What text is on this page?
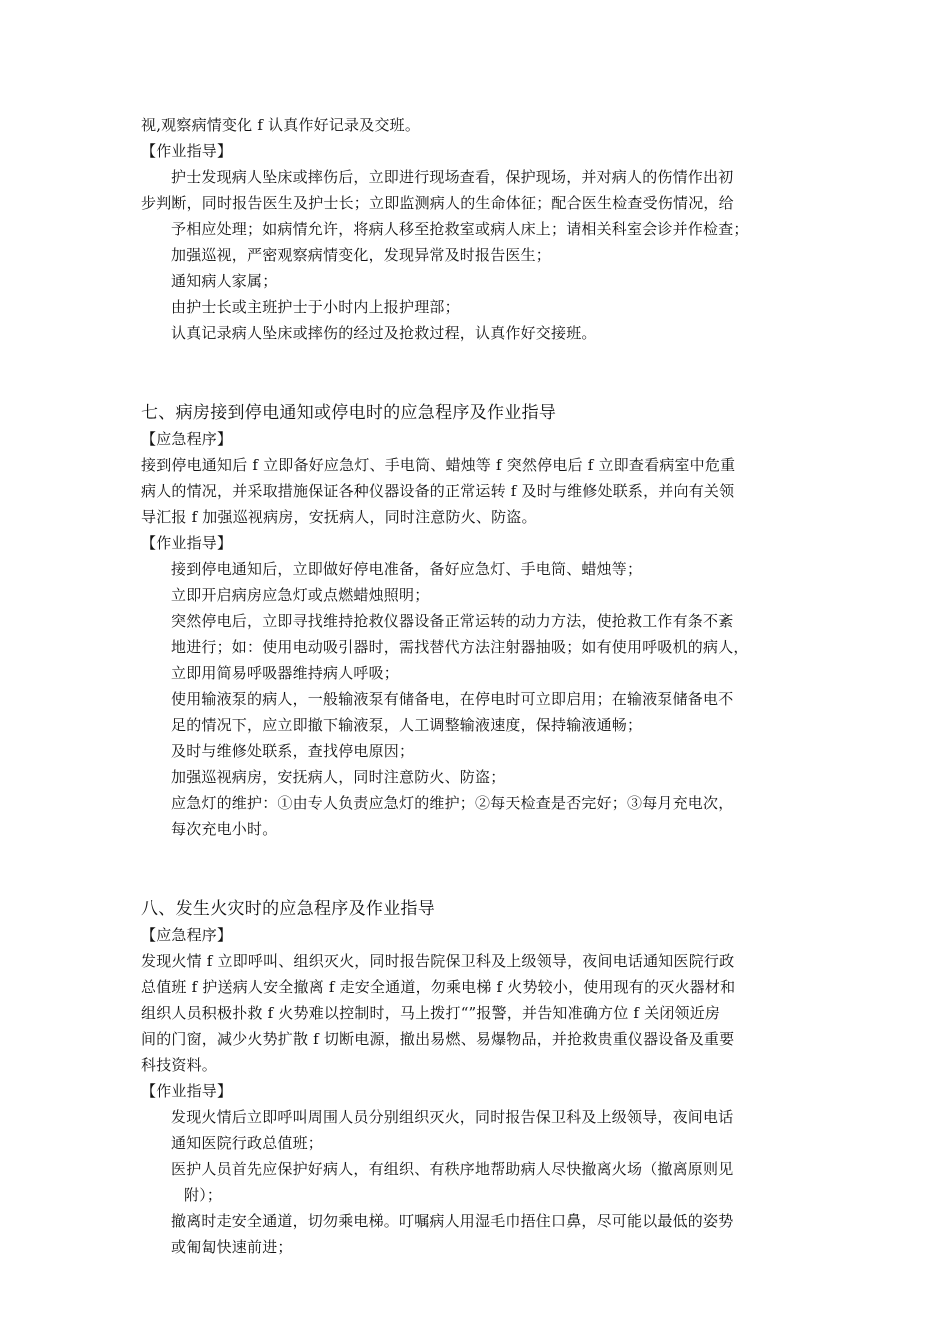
视,观察病情变化 f 认真作好记录及交班。
【作业指导】
护士发现病人坠床或摔伤后，立即进行现场查看，保护现场，并对病人的伤情作出初
步判断，同时报告医生及护士长；立即监测病人的生命体征；配合医生检查受伤情况，给
予相应处理；如病情允许，将病人移至抢救室或病人床上；请相关科室会诊并作检查；
加强巡视，严密观察病情变化，发现异常及时报告医生；
通知病人家属；
由护士长或主班护士于小时内上报护理部；
认真记录病人坠床或摔伤的经过及抢救过程，认真作好交接班。
七、病房接到停电通知或停电时的应急程序及作业指导
【应急程序】
接到停电通知后 f 立即备好应急灯、手电筒、蜡烛等 f 突然停电后 f 立即查看病室中危重
病人的情况，并采取措施保证各种仪器设备的正常运转 f 及时与维修处联系，并向有关领
导汇报 f 加强巡视病房，安抚病人，同时注意防火、防盗。
【作业指导】
接到停电通知后，立即做好停电准备，备好应急灯、手电筒、蜡烛等；
立即开启病房应急灯或点燃蜡烛照明；
突然停电后，立即寻找维持抢救仪器设备正常运转的动力方法，使抢救工作有条不紊
地进行；如：使用电动吸引器时，需找替代方法注射器抽吸；如有使用呼吸机的病人，
立即用简易呼吸器维持病人呼吸；
使用输液泵的病人，一般输液泵有储备电，在停电时可立即启用；在输液泵储备电不
足的情况下，应立即撤下输液泵，人工调整输液速度，保持输液通畅；
及时与维修处联系，查找停电原因；
加强巡视病房，安抚病人，同时注意防火、防盗；
应急灯的维护：①由专人负责应急灯的维护；②每天检查是否完好；③每月充电次，
每次充电小时。
八、发生火灾时的应急程序及作业指导
【应急程序】
发现火情 f 立即呼叫、组织灭火，同时报告院保卫科及上级领导，夜间电话通知医院行政
总值班 f 护送病人安全撤离 f 走安全通道，勿乘电梯 f 火势较小，使用现有的灭火器材和
组织人员积极扑救 f 火势难以控制时，马上拨打“”报警，并告知准确方位 f 关闭领近房
间的门窗，减少火势扩散 f 切断电源，撤出易燃、易爆物品，并抢救贵重仪器设备及重要
科技资料。
【作业指导】
发现火情后立即呼叫周围人员分别组织灭火，同时报告保卫科及上级领导，夜间电话
通知医院行政总值班；
医护人员首先应保护好病人，有组织、有秩序地帮助病人尽快撤离火场（撤离原则见
附）；
撤离时走安全通道，切勿乘电梯。叮嘱病人用湿毛巾捂住口鼻，尽可能以最低的姿势
或匍匐快速前进；
